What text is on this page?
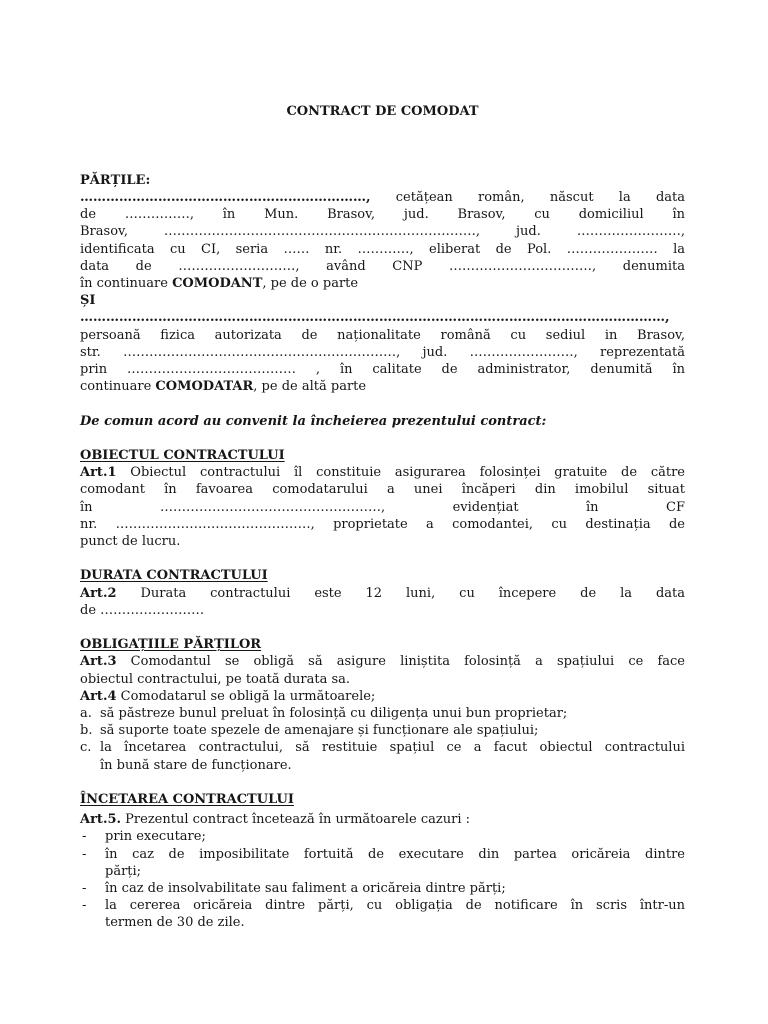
CONTRACT DE COMODAT
PĂRȚILE:
…………………………………………………………, cetățean român, născut la data
de ……………, în Mun. Brasov, jud. Brasov, cu domiciliul în
Brasov, ………………………………………………………………, jud. ……………………,
identificata cu CI, seria …… nr. …………, eliberat de Pol. ………………… la
data de ………………………, având CNP ……………………………, denumita
în continuare COMODANT, pe de o parte
ȘI
………………………………………………………………………………………………………………………,
persoană fizica autorizata de naționalitate română cu sediul in Brasov,
str. ………………………………………………………, jud. ……………………, reprezentată
prin ………………………………… , în calitate de administrator, denumită în
continuare COMODATAR, pe de altă parte
De comun acord au convenit la încheierea prezentului contract:
OBIECTUL CONTRACTULUI
Art.1 Obiectul contractului îl constituie asigurarea folosinței gratuite de către
comodant în favoarea comodatarului a unei încăperi din imobilul situat
în ……………………………………………, evidențiat în CF
nr. ………………………………………, proprietate a comodantei, cu destinația de
punct de lucru.
DURATA CONTRACTULUI
Art.2 Durata contractului este 12 luni, cu începere de la data
de ……………………
OBLIGAȚIILE PĂRȚILOR
Art.3 Comodantul se obligă să asigure liniștita folosință a spațiului ce face
obiectul contractului, pe toată durata sa.
Art.4 Comodatarul se obligă la următoarele;
a. să păstreze bunul preluat în folosință cu diligența unui bun proprietar;
b. să suporte toate spezele de amenajare și funcționare ale spațiului;
c. la încetarea contractului, să restituie spațiul ce a facut obiectul contractului
în bună stare de funcționare.
ÎNCETAREA CONTRACTULUI
Art.5. Prezentul contract încetează în următoarele cazuri :
- prin executare;
- în caz de imposibilitate fortuită de executare din partea oricăreia dintre
părți;
- în caz de insolvabilitate sau faliment a oricăreia dintre părți;
- la cererea oricăreia dintre părți, cu obligația de notificare în scris într-un
termen de 30 de zile.
